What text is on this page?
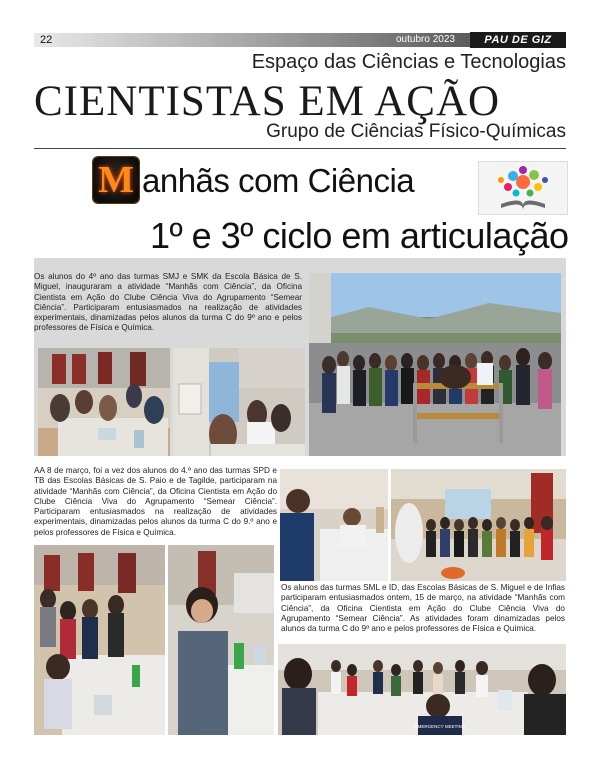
22	outubro 2023	PAU DE GIZ
Espaço das Ciências e Tecnologias
CIENTISTAS EM AÇÃO
Grupo de Ciências Físico-Químicas
M anhãs com Ciência
1º e 3º ciclo em articulação

Os alunos do 4º ano das turmas SMJ e SMK da Escola Básica de S. Miguel, inauguraram a atividade “Manhãs com Ciência”, da Oficina Cientista em Ação do Clube Ciência Viva do Agrupamento “Semear Ciência”. Participaram entusiasmados na realização de atividades experimentais, dinamizadas pelos alunos da turma C do 9º ano e pelos professores de Física e Química.

AA 8 de março, foi a vez dos alunos do 4.º ano das turmas SPD e TB das Escolas Básicas de S. Paio e de Tagilde, participaram na atividade “Manhãs com Ciência”, da Oficina Cientista em Ação do Clube Ciência Viva do Agrupamento “Semear Ciência”. Participaram entusiasmados na realização de atividades experimentais, dinamizadas pelos alunos da turma C do 9.º ano e pelos professores de Física e Química.

Os alunos das turmas SML e ID, das Escolas Básicas de S. Miguel e de Infias participaram entusiasmados ontem, 15 de março, na atividade “Manhãs com Ciência”, da Oficina Cientista em Ação do Clube Ciência Viva do Agrupamento “Semear Ciência”. As atividades foram dinamizadas pelos alunos da turma C do 9º ano e pelos professores de Física e Química.

EMERGENCY MEETING
